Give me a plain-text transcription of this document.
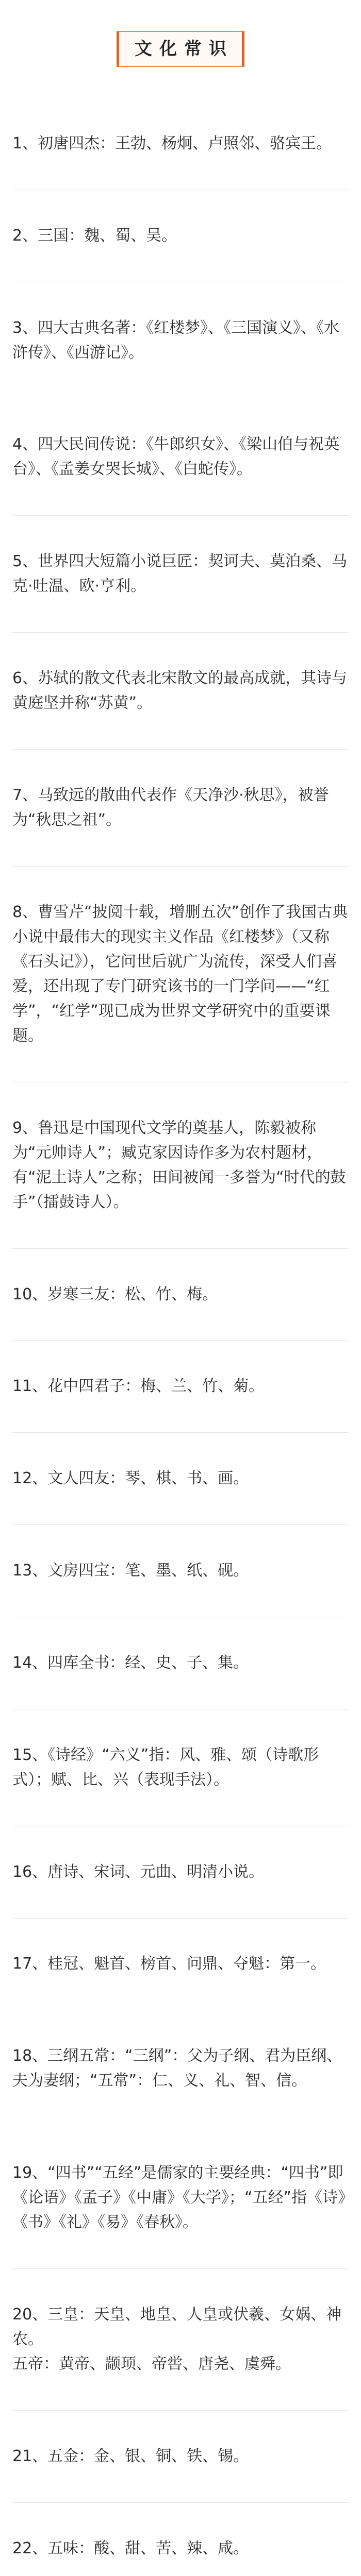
文化常识

1、初唐四杰：王勃、杨炯、卢照邻、骆宾王。

2、三国：魏、蜀、吴。

3、四大古典名著：《红楼梦》、《三国演义》、《水浒传》、《西游记》。

4、四大民间传说：《牛郎织女》、《梁山伯与祝英台》、《孟姜女哭长城》、《白蛇传》。

5、世界四大短篇小说巨匠：契诃夫、莫泊桑、马克·吐温、欧·亨利。

6、苏轼的散文代表北宋散文的最高成就，其诗与黄庭坚并称“苏黄”。

7、马致远的散曲代表作《天净沙·秋思》，被誉为“秋思之祖”。

8、曹雪芹“披阅十载，增删五次”创作了我国古典小说中最伟大的现实主义作品《红楼梦》（又称《石头记》），它问世后就广为流传，深受人们喜爱，还出现了专门研究该书的一门学问——“红学”，“红学”现已成为世界文学研究中的重要课题。

9、鲁迅是中国现代文学的奠基人，陈毅被称为“元帅诗人”；臧克家因诗作多为农村题材，有“泥土诗人”之称；田间被闻一多誉为“时代的鼓手”（擂鼓诗人）。

10、岁寒三友：松、竹、梅。

11、花中四君子：梅、兰、竹、菊。

12、文人四友：琴、棋、书、画。

13、文房四宝：笔、墨、纸、砚。

14、四库全书：经、史、子、集。

15、《诗经》“六义”指：风、雅、颂（诗歌形式）；赋、比、兴（表现手法）。

16、唐诗、宋词、元曲、明清小说。

17、桂冠、魁首、榜首、问鼎、夺魁：第一。

18、三纲五常：“三纲”：父为子纲、君为臣纲、夫为妻纲；“五常”：仁、义、礼、智、信。

19、“四书”“五经”是儒家的主要经典：“四书”即《论语》《孟子》《中庸》《大学》；“五经”指《诗》《书》《礼》《易》《春秋》。

20、三皇：天皇、地皇、人皇或伏羲、女娲、神农。

五帝：黄帝、颛顼、帝喾、唐尧、虞舜。

21、五金：金、银、铜、铁、锡。

22、五味：酸、甜、苦、辣、咸。
